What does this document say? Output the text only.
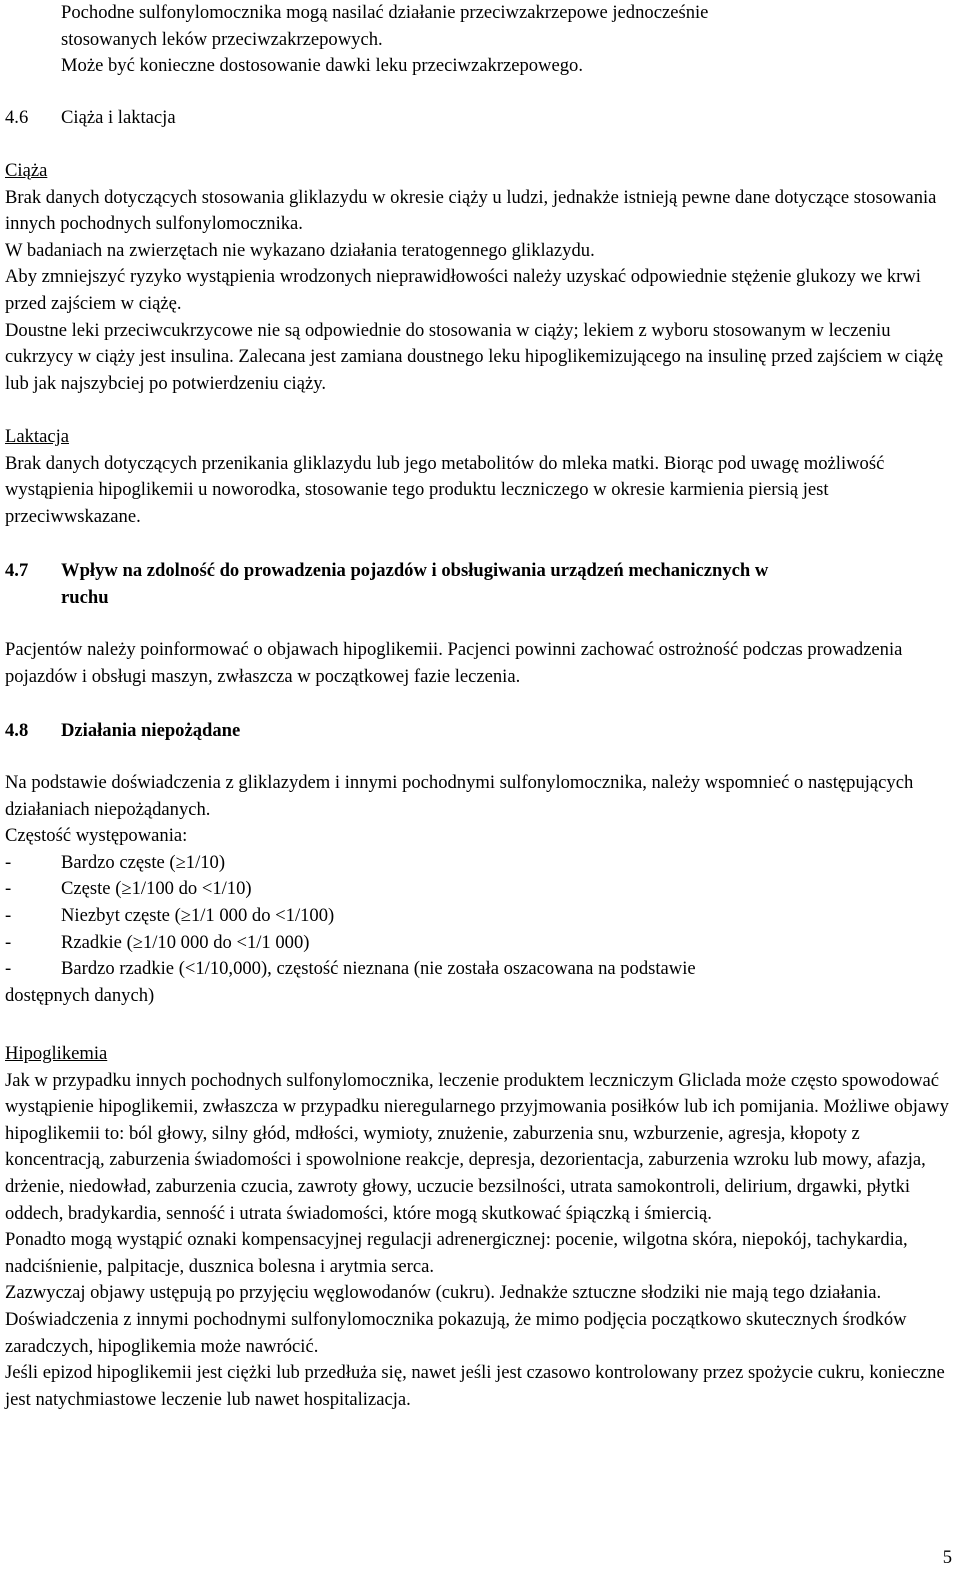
Pochodne sulfonylomocznika mogą nasilać działanie przeciwzakrzepowe jednocześnie

stosowanych leków przeciwzakrzepowych.

Może być konieczne dostosowanie dawki leku przeciwzakrzepowego.

4.6	Ciąża i laktacja

Ciąża

Brak danych dotyczących stosowania gliklazydu w okresie ciąży u ludzi, jednakże istnieją pewne dane dotyczące stosowania innych pochodnych sulfonylomocznika.

W badaniach na zwierzętach nie wykazano działania teratogennego gliklazydu.

Aby zmniejszyć ryzyko wystąpienia wrodzonych nieprawidłowości należy uzyskać odpowiednie stężenie glukozy we krwi przed zajściem w ciążę.

Doustne leki przeciwcukrzycowe nie są odpowiednie do stosowania w ciąży; lekiem z wyboru stosowanym w leczeniu cukrzycy w ciąży jest insulina. Zalecana jest zamiana doustnego leku hipoglikemizującego na insulinę przed zajściem w ciążę lub jak najszybciej po potwierdzeniu ciąży.

Laktacja

Brak danych dotyczących przenikania gliklazydu lub jego metabolitów do mleka matki. Biorąc pod uwagę możliwość wystąpienia hipoglikemii u noworodka, stosowanie tego produktu leczniczego w okresie karmienia piersią jest przeciwwskazane.

4.7	Wpływ na zdolność do prowadzenia pojazdów i obsługiwania urządzeń mechanicznych w

ruchu

Pacjentów należy poinformować o objawach hipoglikemii. Pacjenci powinni zachować ostrożność podczas prowadzenia pojazdów i obsługi maszyn, zwłaszcza w początkowej fazie leczenia.

4.8	Działania niepożądane

Na podstawie doświadczenia z gliklazydem i innymi pochodnymi sulfonylomocznika, należy wspomnieć o następujących działaniach niepożądanych.

Częstość występowania:

-	Bardzo częste (≥1/10)
-	Częste (≥1/100 do <1/10)
-	Niezbyt częste (≥1/1 000 do <1/100)
-	Rzadkie (≥1/10 000 do <1/1 000)
-	Bardzo rzadkie (<1/10,000), częstość nieznana (nie została oszacowana na podstawie

dostępnych danych)

Hipoglikemia

Jak w przypadku innych pochodnych sulfonylomocznika, leczenie produktem leczniczym Gliclada może często spowodować wystąpienie hipoglikemii, zwłaszcza w przypadku nieregularnego przyjmowania posiłków lub ich pomijania. Możliwe objawy hipoglikemii to: ból głowy, silny głód, mdłości, wymioty, znużenie, zaburzenia snu, wzburzenie, agresja, kłopoty z koncentracją, zaburzenia świadomości i spowolnione reakcje, depresja, dezorientacja, zaburzenia wzroku lub mowy, afazja, drżenie, niedowład, zaburzenia czucia, zawroty głowy, uczucie bezsilności, utrata samokontroli, delirium, drgawki, płytki oddech, bradykardia, senność i utrata świadomości, które mogą skutkować śpiączką i śmiercią.

Ponadto mogą wystąpić oznaki kompensacyjnej regulacji adrenergicznej: pocenie, wilgotna skóra, niepokój, tachykardia, nadciśnienie, palpitacje, dusznica bolesna i arytmia serca.

Zazwyczaj objawy ustępują po przyjęciu węglowodanów (cukru). Jednakże sztuczne słodziki nie mają tego działania. Doświadczenia z innymi pochodnymi sulfonylomocznika pokazują, że mimo podjęcia początkowo skutecznych środków zaradczych, hipoglikemia może nawrócić.

Jeśli epizod hipoglikemii jest ciężki lub przedłuża się, nawet jeśli jest czasowo kontrolowany przez spożycie cukru, konieczne jest natychmiastowe leczenie lub nawet hospitalizacja.

5
